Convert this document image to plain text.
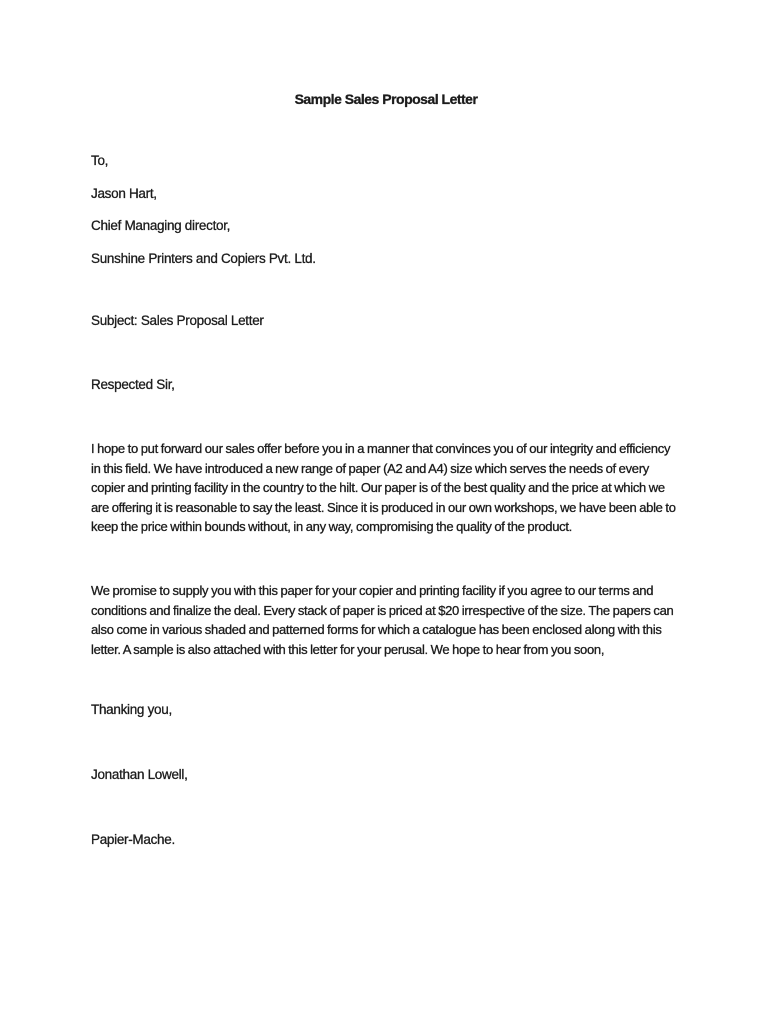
Sample Sales Proposal Letter
To,
Jason Hart,
Chief Managing director,
Sunshine Printers and Copiers Pvt. Ltd.
Subject: Sales Proposal Letter
Respected Sir,

I hope to put forward our sales offer before you in a manner that convinces you of our integrity and efficiency in this field. We have introduced a new range of paper (A2 and A4) size which serves the needs of every copier and printing facility in the country to the hilt. Our paper is of the best quality and the price at which we are offering it is reasonable to say the least. Since it is produced in our own workshops, we have been able to keep the price within bounds without, in any way, compromising the quality of the product.

We promise to supply you with this paper for your copier and printing facility if you agree to our terms and conditions and finalize the deal. Every stack of paper is priced at $20 irrespective of the size. The papers can also come in various shaded and patterned forms for which a catalogue has been enclosed along with this letter. A sample is also attached with this letter for your perusal. We hope to hear from you soon,

Thanking you,
Jonathan Lowell,
Papier-Mache.
